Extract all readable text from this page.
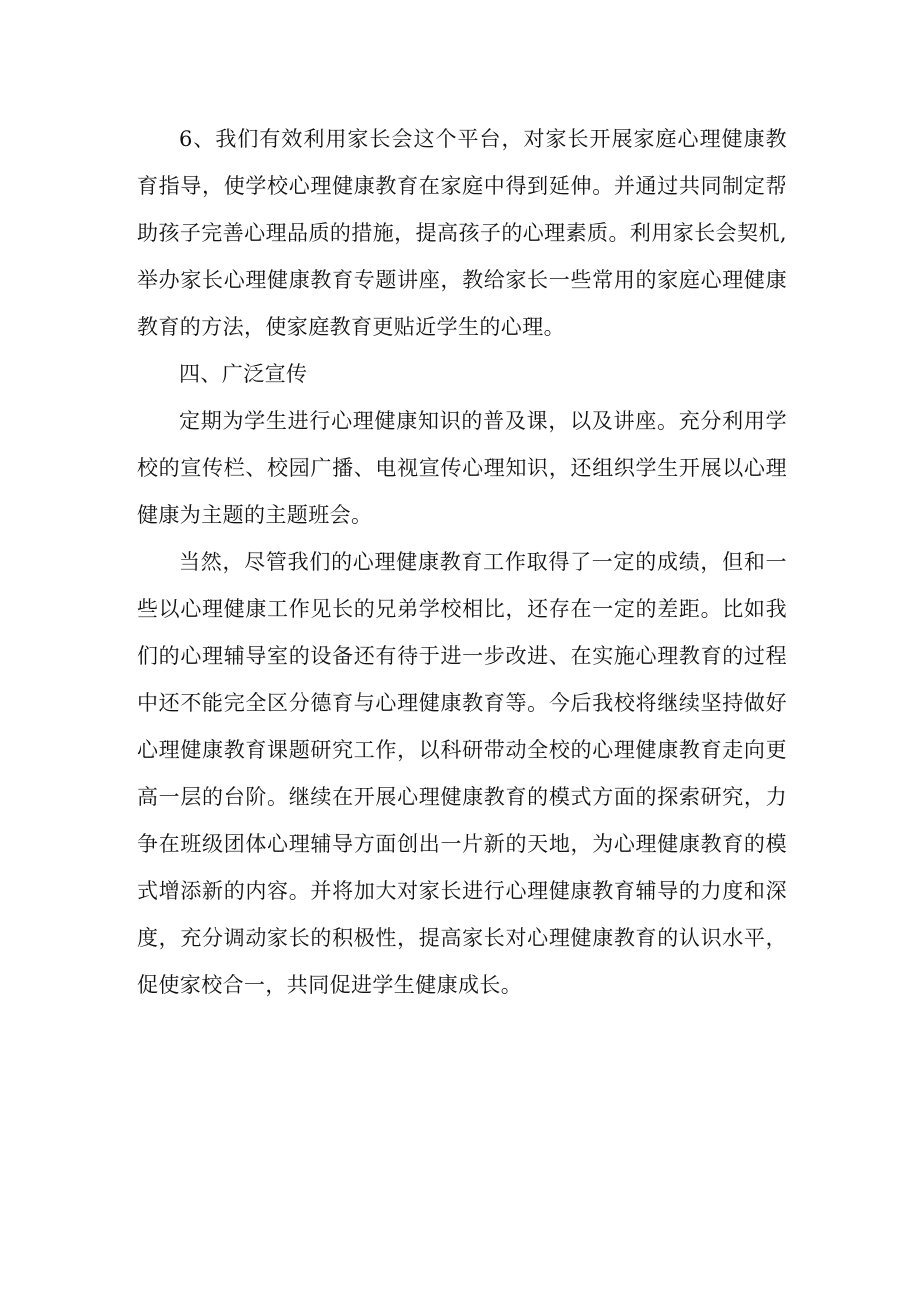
6、我们有效利用家长会这个平台，对家长开展家庭心理健康教育指导，使学校心理健康教育在家庭中得到延伸。并通过共同制定帮助孩子完善心理品质的措施，提高孩子的心理素质。利用家长会契机,举办家长心理健康教育专题讲座，教给家长一些常用的家庭心理健康教育的方法，使家庭教育更贴近学生的心理。

四、广泛宣传

定期为学生进行心理健康知识的普及课，以及讲座。充分利用学校的宣传栏、校园广播、电视宣传心理知识，还组织学生开展以心理健康为主题的主题班会。

当然，尽管我们的心理健康教育工作取得了一定的成绩，但和一些以心理健康工作见长的兄弟学校相比，还存在一定的差距。比如我们的心理辅导室的设备还有待于进一步改进、在实施心理教育的过程中还不能完全区分德育与心理健康教育等。今后我校将继续坚持做好心理健康教育课题研究工作，以科研带动全校的心理健康教育走向更高一层的台阶。继续在开展心理健康教育的模式方面的探索研究，力争在班级团体心理辅导方面创出一片新的天地，为心理健康教育的模式增添新的内容。并将加大对家长进行心理健康教育辅导的力度和深度，充分调动家长的积极性，提高家长对心理健康教育的认识水平，促使家校合一，共同促进学生健康成长。
